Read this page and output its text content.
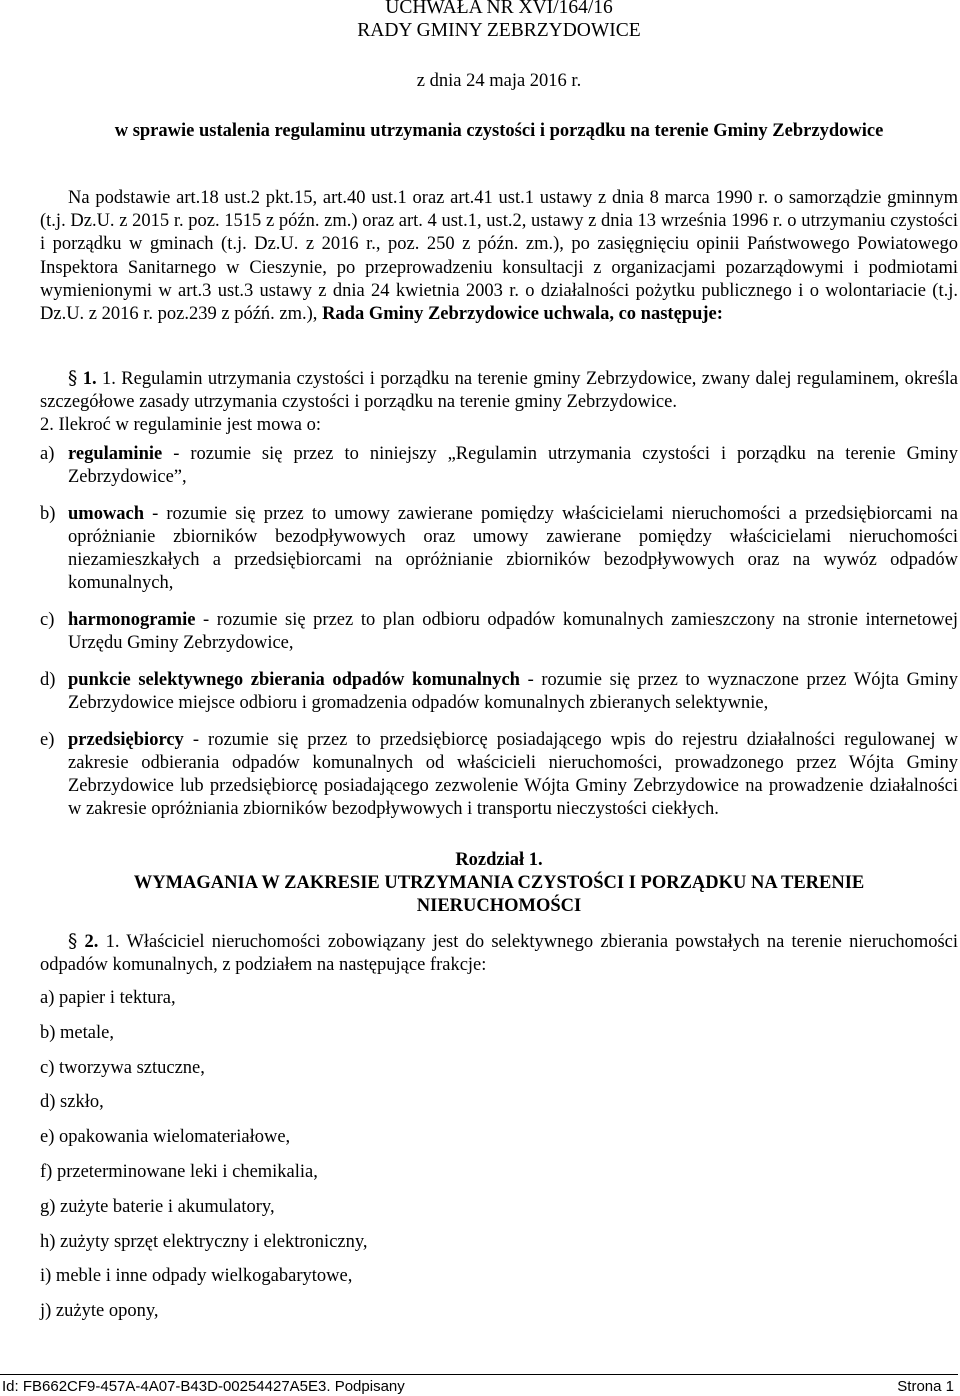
UCHWAŁA NR XVI/164/16
RADY GMINY ZEBRZYDOWICE
z dnia 24 maja 2016 r.
w sprawie ustalenia regulaminu utrzymania czystości i porządku na terenie Gminy Zebrzydowice
Na podstawie art.18 ust.2 pkt.15, art.40 ust.1 oraz art.41 ust.1 ustawy z dnia 8 marca 1990 r. o samorządzie gminnym (t.j. Dz.U. z 2015 r. poz. 1515 z późn. zm.) oraz art. 4 ust.1, ust.2, ustawy z dnia 13 września 1996 r. o utrzymaniu czystości i porządku w gminach (t.j. Dz.U. z 2016 r., poz. 250 z późn. zm.), po zasięgnięciu opinii Państwowego Powiatowego Inspektora Sanitarnego w Cieszynie, po przeprowadzeniu konsultacji z organizacjami pozarządowymi i podmiotami wymienionymi w art.3 ust.3 ustawy z dnia 24 kwietnia 2003 r. o działalności pożytku publicznego i o wolontariacie (t.j. Dz.U. z 2016 r. poz.239 z późń. zm.), Rada Gminy Zebrzydowice uchwala, co następuje:

§ 1. 1. Regulamin utrzymania czystości i porządku na terenie gminy Zebrzydowice, zwany dalej regulaminem, określa szczegółowe zasady utrzymania czystości i porządku na terenie gminy Zebrzydowice.

2. Ilekroć w regulaminie jest mowa o:

a) regulaminie - rozumie się przez to niniejszy „Regulamin utrzymania czystości i porządku na terenie Gminy Zebrzydowice”,
b) umowach - rozumie się przez to umowy zawierane pomiędzy właścicielami nieruchomości a przedsiębiorcami na opróżnianie zbiorników bezodpływowych oraz umowy zawierane pomiędzy właścicielami nieruchomości niezamieszkałych a przedsiębiorcami na opróżnianie zbiorników bezodpływowych oraz na wywóz odpadów komunalnych,
c) harmonogramie - rozumie się przez to plan odbioru odpadów komunalnych zamieszczony na stronie internetowej Urzędu Gminy Zebrzydowice,
d) punkcie selektywnego zbierania odpadów komunalnych - rozumie się przez to wyznaczone przez Wójta Gminy Zebrzydowice miejsce odbioru i gromadzenia odpadów komunalnych zbieranych selektywnie,
e) przedsiębiorcy - rozumie się przez to przedsiębiorcę posiadającego wpis do rejestru działalności regulowanej w zakresie odbierania odpadów komunalnych od właścicieli nieruchomości, prowadzonego przez Wójta Gminy Zebrzydowice lub przedsiębiorcę posiadającego zezwolenie Wójta Gminy Zebrzydowice na prowadzenie działalności w zakresie opróżniania zbiorników bezodpływowych i transportu nieczystości ciekłych.
Rozdział 1.
WYMAGANIA W ZAKRESIE UTRZYMANIA CZYSTOŚCI I PORZĄDKU NA TERENIE NIERUCHOMOŚCI

§ 2. 1. Właściciel nieruchomości zobowiązany jest do selektywnego zbierania powstałych na terenie nieruchomości odpadów komunalnych, z podziałem na następujące frakcje:

a) papier i tektura,

b) metale,

c) tworzywa sztuczne,

d) szkło,

e) opakowania wielomateriałowe,

f) przeterminowane leki i chemikalia,

g) zużyte baterie i akumulatory,

h) zużyty sprzęt elektryczny i elektroniczny,

i) meble i inne odpady wielkogabarytowe,

j) zużyte opony,

Id: FB662CF9-457A-4A07-B43D-00254427A5E3. Podpisany	Strona 1
